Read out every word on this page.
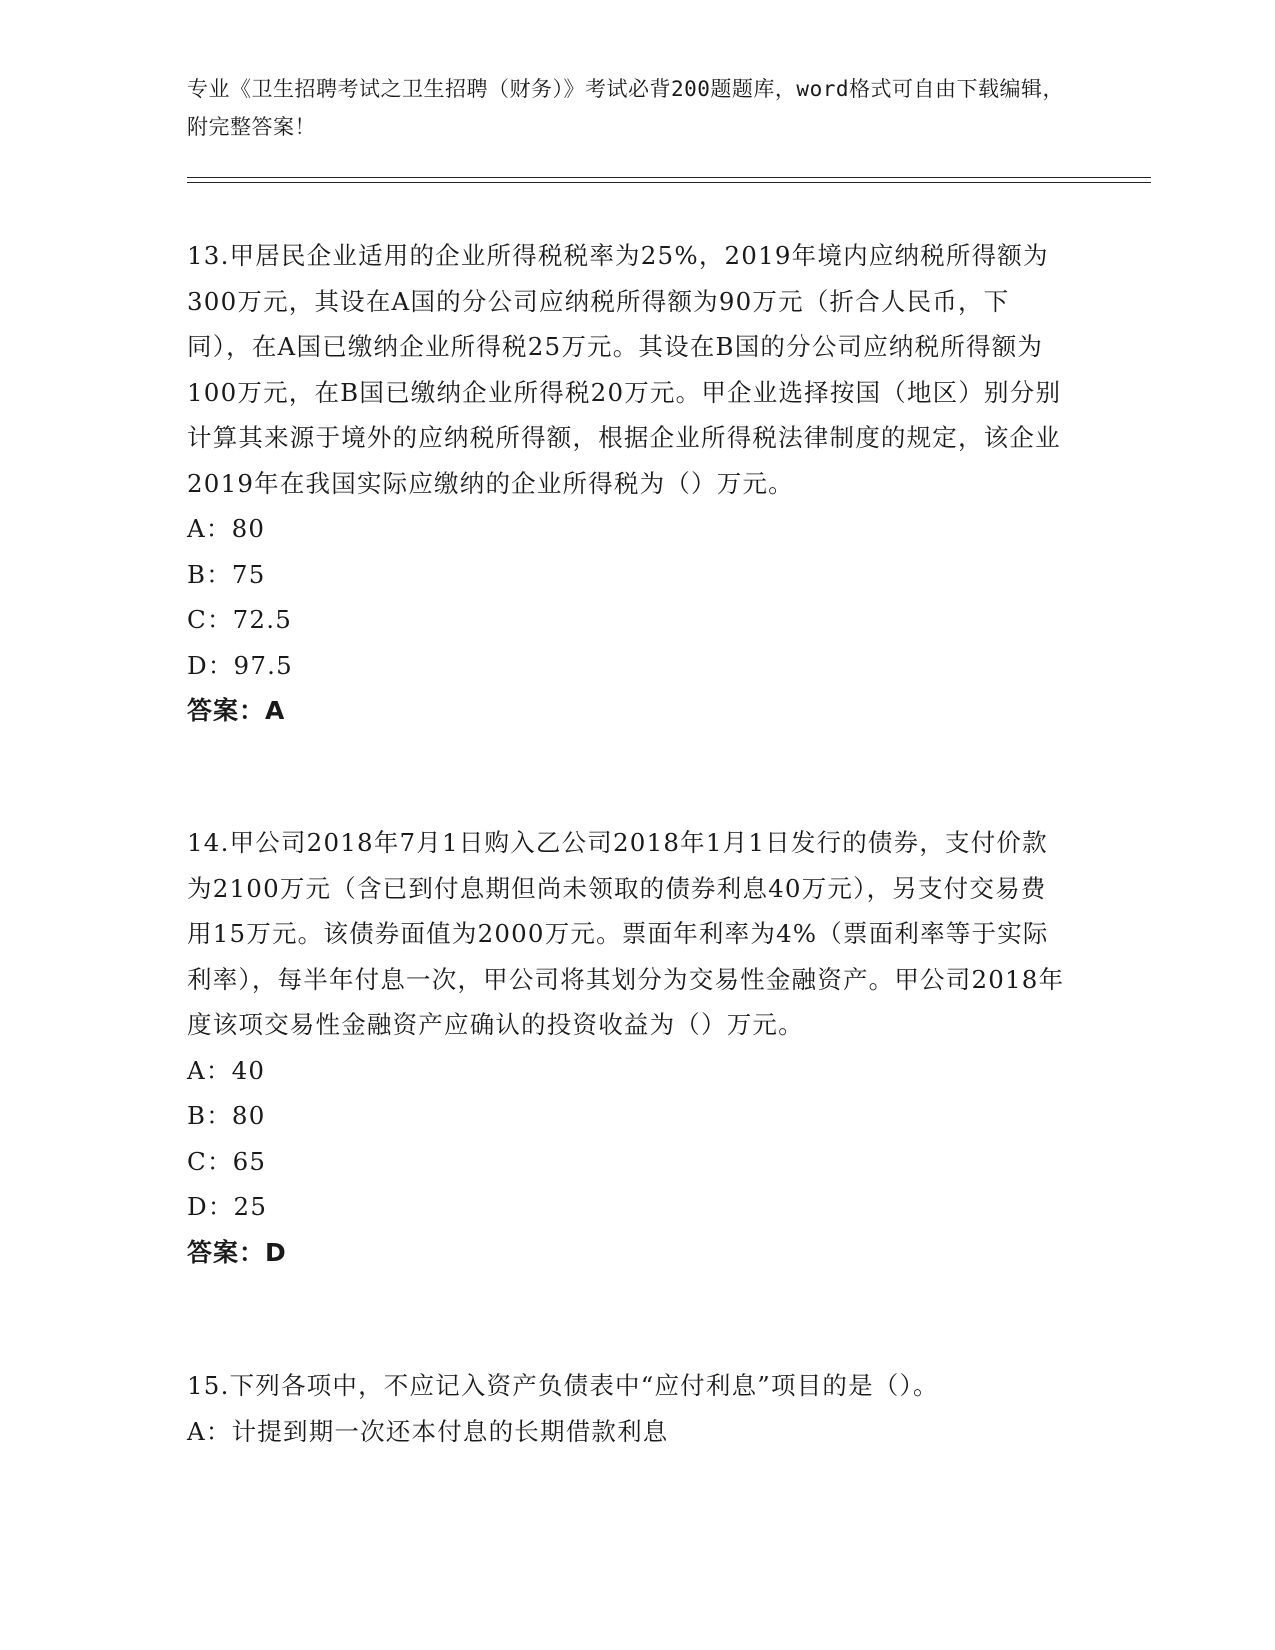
专业《卫生招聘考试之卫生招聘（财务）》考试必背200题题库，word格式可自由下载编辑，附完整答案！

13.甲居民企业适用的企业所得税税率为25%，2019年境内应纳税所得额为300万元，其设在A国的分公司应纳税所得额为90万元（折合人民币，下同），在A国已缴纳企业所得税25万元。其设在B国的分公司应纳税所得额为100万元，在B国已缴纳企业所得税20万元。甲企业选择按国（地区）别分别计算其来源于境外的应纳税所得额，根据企业所得税法律制度的规定，该企业2019年在我国实际应缴纳的企业所得税为（）万元。

A：80

B：75

C：72.5

D：97.5

答案：A

14.甲公司2018年7月1日购入乙公司2018年1月1日发行的债券，支付价款为2100万元（含已到付息期但尚未领取的债券利息40万元），另支付交易费用15万元。该债券面值为2000万元。票面年利率为4%（票面利率等于实际利率），每半年付息一次，甲公司将其划分为交易性金融资产。甲公司2018年度该项交易性金融资产应确认的投资收益为（）万元。

A：40

B：80

C：65

D：25

答案：D

15.下列各项中，不应记入资产负债表中“应付利息”项目的是（）。

A：计提到期一次还本付息的长期借款利息
